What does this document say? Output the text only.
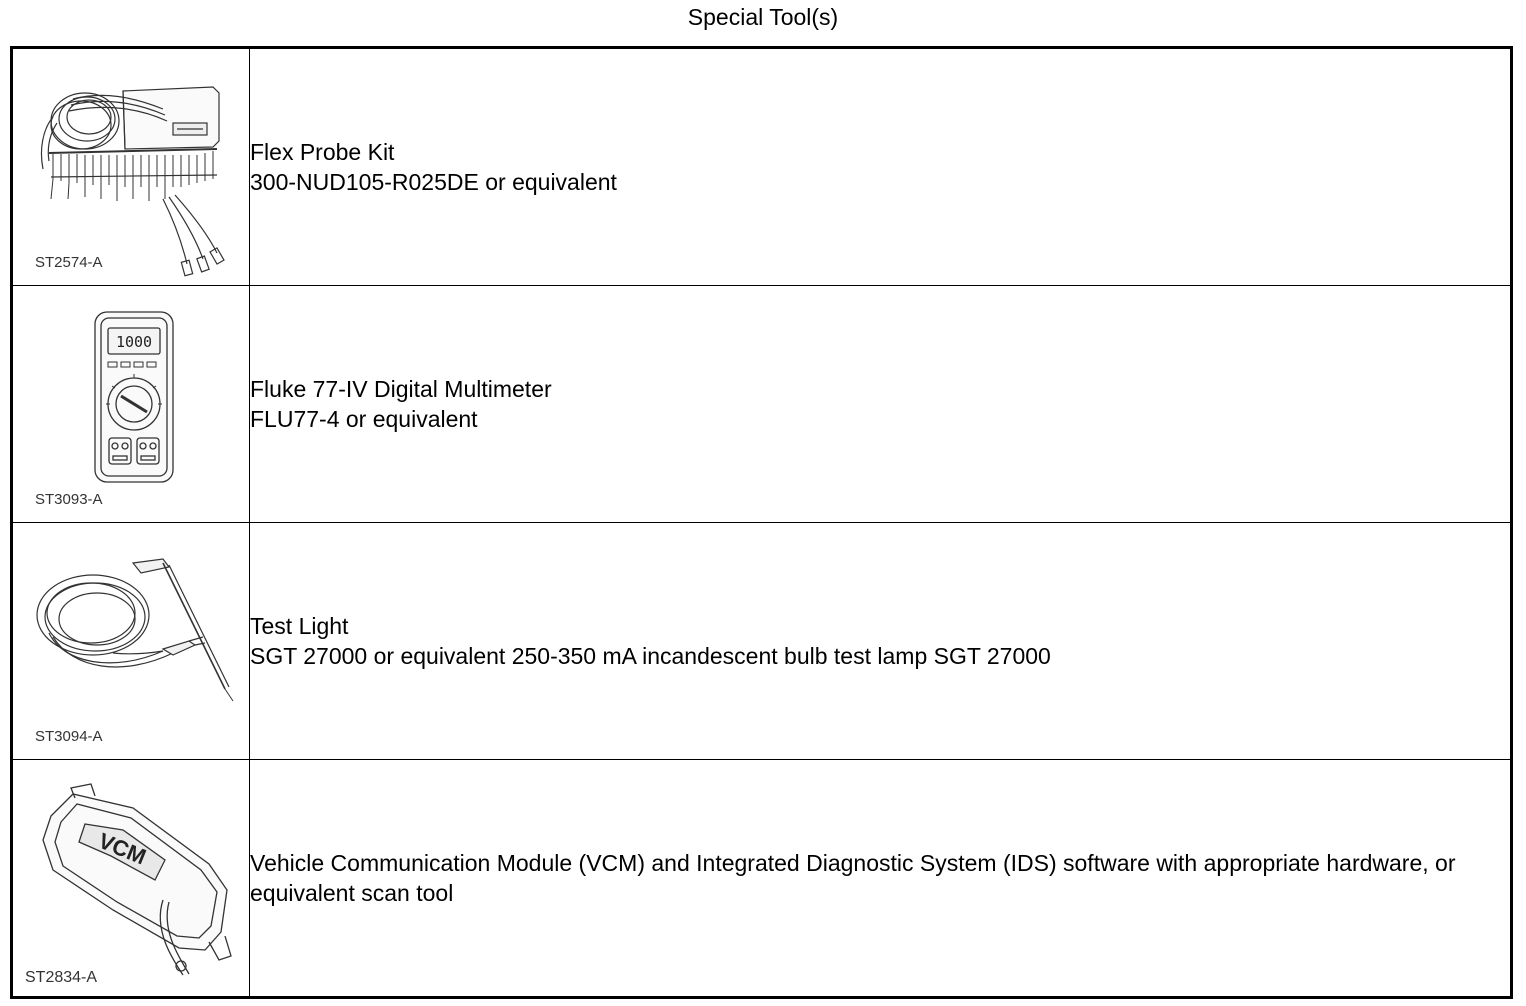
Special Tool(s)
ST2574-A	Flex Probe Kit
300-NUD105-R025DE or equivalent

1000
ST3093-A	Fluke 77-IV Digital Multimeter
FLU77-4 or equivalent

ST3094-A	Test Light
SGT 27000 or equivalent 250-350 mA incandescent bulb test lamp SGT 27000

VCM
ST2834-A	Vehicle Communication Module (VCM) and Integrated Diagnostic System (IDS) software with appropriate hardware, or equivalent scan tool
